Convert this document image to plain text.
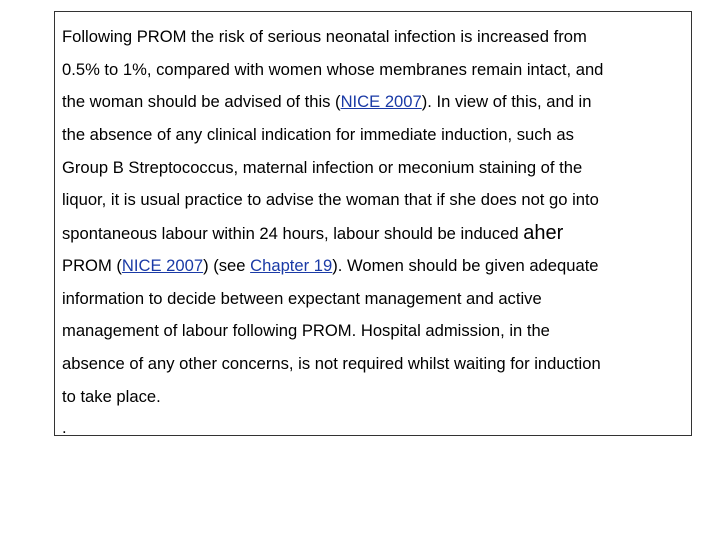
Following PROM the risk of serious neonatal infection is increased from
0.5% to 1%, compared with women whose membranes remain intact, and
the woman should be advised of this (NICE 2007). In view of this, and in
the absence of any clinical indication for immediate induction, such as
Group B Streptococcus, maternal infection or meconium staining of the
liquor, it is usual practice to advise the woman that if she does not go into
spontaneous labour within 24 hours, labour should be induced aher
PROM (NICE 2007) (see Chapter 19). Women should be given adequate
information to decide between expectant management and active
management of labour following PROM. Hospital admission, in the
absence of any other concerns, is not required whilst waiting for induction
to take place.
.
